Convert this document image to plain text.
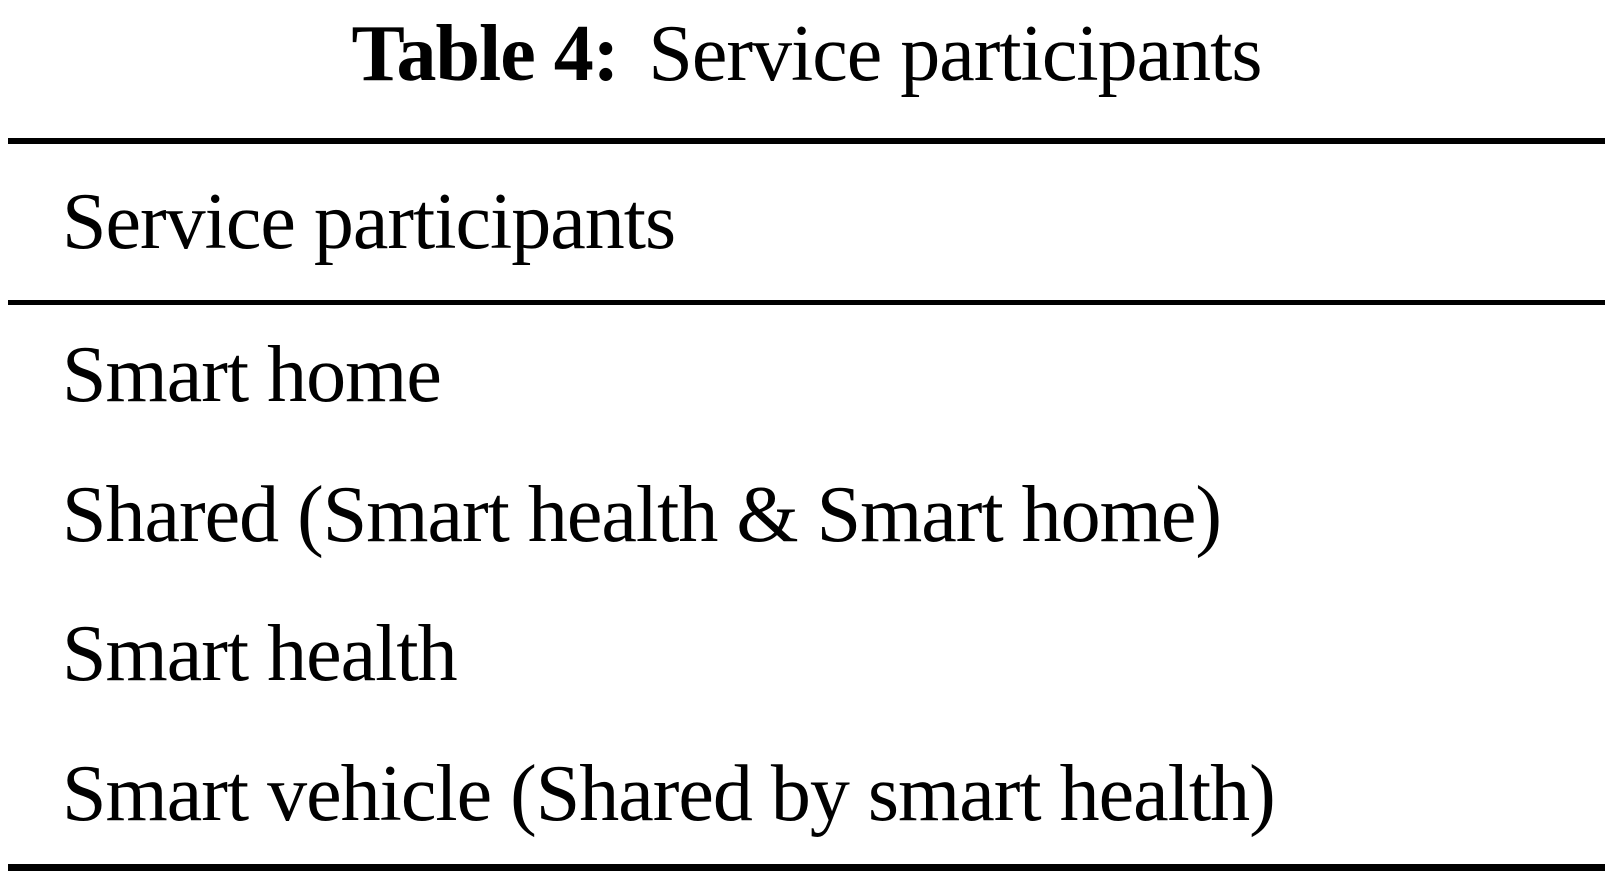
Table 4: Service participants
Service participants
Smart home
Shared (Smart health & Smart home)
Smart health
Smart vehicle (Shared by smart health)
